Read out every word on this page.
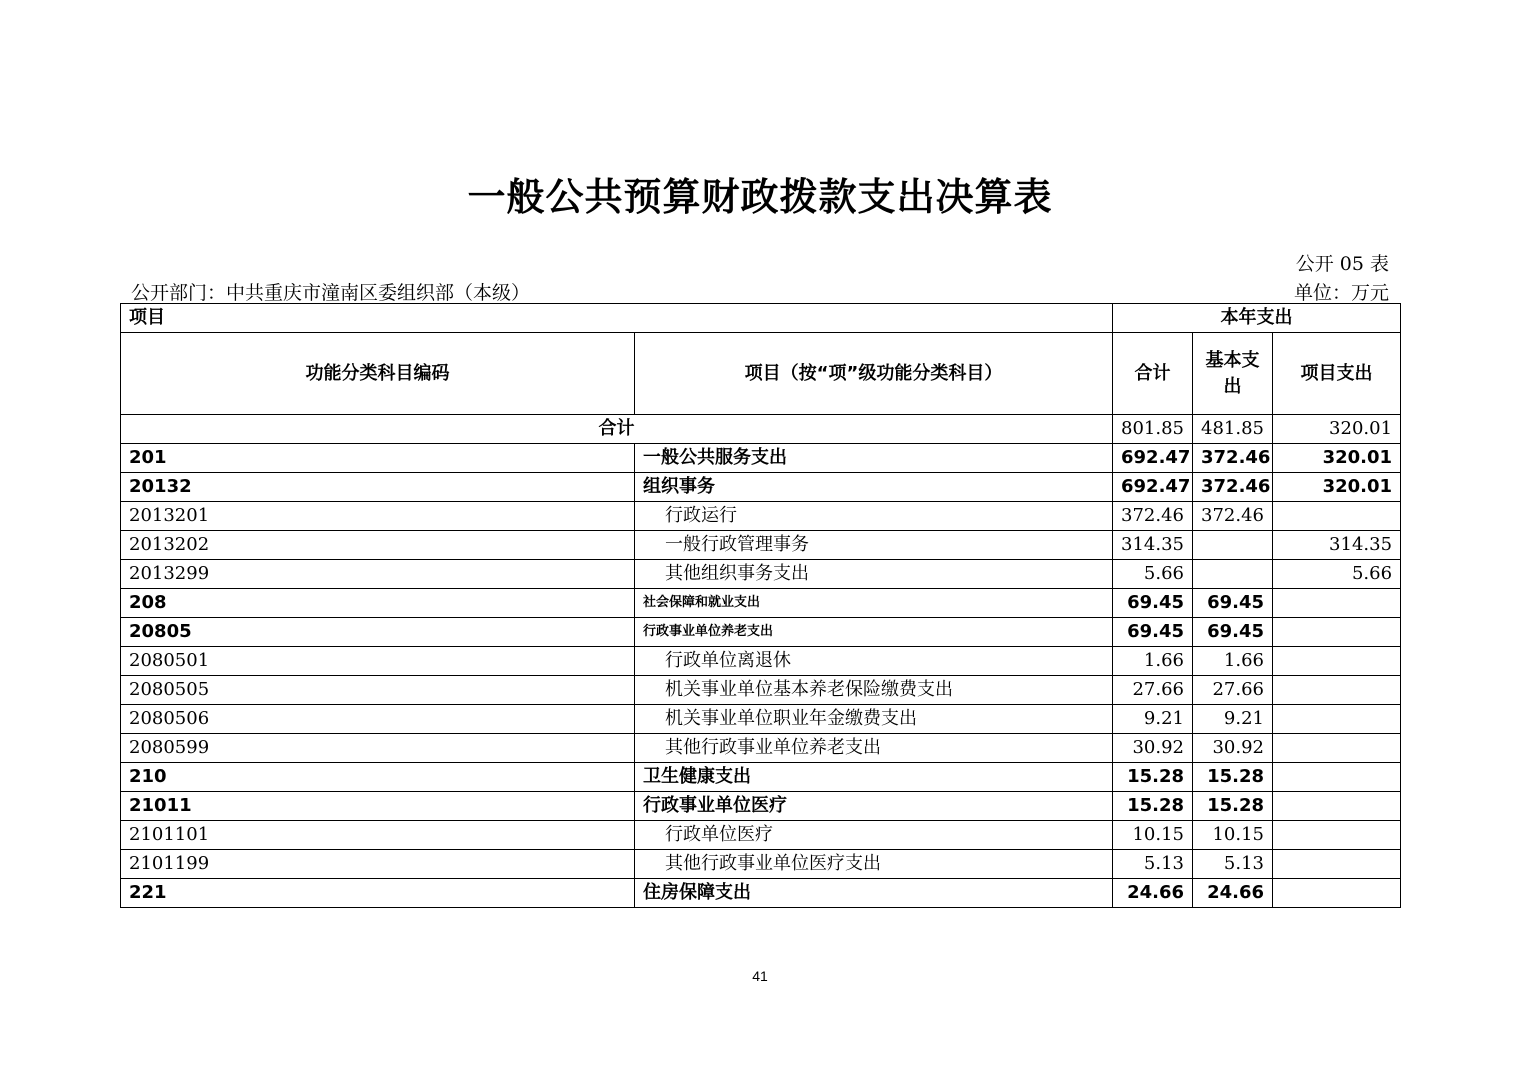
一般公共预算财政拨款支出决算表
公开 05 表
公开部门：中共重庆市潼南区委组织部（本级）	单位：万元
项目		本年支出		
功能分类科目编码	项目（按“项”级功能分类科目）	合计	基本支出	项目支出
合计		801.85	481.85	320.01
201	一般公共服务支出	692.47	372.46	320.01
20132	组织事务	692.47	372.46	320.01
2013201	行政运行	372.46	372.46	
2013202	一般行政管理事务	314.35		314.35
2013299	其他组织事务支出	5.66		5.66
208	社会保障和就业支出	69.45	69.45	
20805	行政事业单位养老支出	69.45	69.45	
2080501	行政单位离退休	1.66	1.66	
2080505	机关事业单位基本养老保险缴费支出	27.66	27.66	
2080506	机关事业单位职业年金缴费支出	9.21	9.21	
2080599	其他行政事业单位养老支出	30.92	30.92	
210	卫生健康支出	15.28	15.28	
21011	行政事业单位医疗	15.28	15.28	
2101101	行政单位医疗	10.15	10.15	
2101199	其他行政事业单位医疗支出	5.13	5.13	
221	住房保障支出	24.66	24.66	
41
